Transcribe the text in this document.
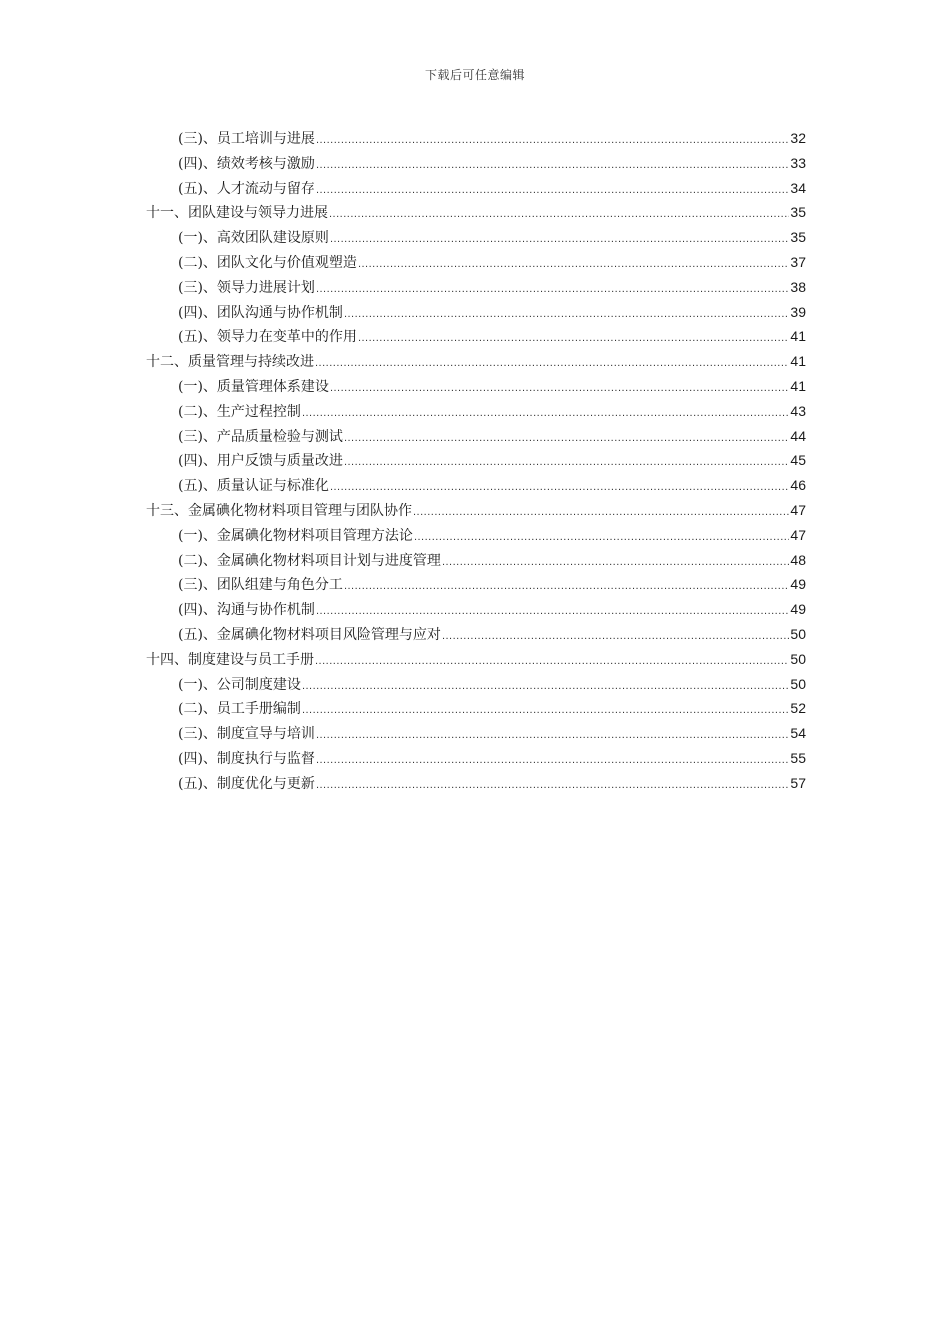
下载后可任意编辑
(三)、员工培训与进展 .....	32
(四)、绩效考核与激励 .....	33
(五)、人才流动与留存 .....	34
十一、团队建设与领导力进展 .....	35
(一)、高效团队建设原则 .....	35
(二)、团队文化与价值观塑造 .....	37
(三)、领导力进展计划 .....	38
(四)、团队沟通与协作机制 .....	39
(五)、领导力在变革中的作用 .....	41
十二、质量管理与持续改进 .....	41
(一)、质量管理体系建设 .....	41
(二)、生产过程控制 .....	43
(三)、产品质量检验与测试 .....	44
(四)、用户反馈与质量改进 .....	45
(五)、质量认证与标准化 .....	46
十三、金属碘化物材料项目管理与团队协作 .....	47
(一)、金属碘化物材料项目管理方法论 .....	47
(二)、金属碘化物材料项目计划与进度管理 .....	48
(三)、团队组建与角色分工 .....	49
(四)、沟通与协作机制 .....	49
(五)、金属碘化物材料项目风险管理与应对 .....	50
十四、制度建设与员工手册 .....	50
(一)、公司制度建设 .....	50
(二)、员工手册编制 .....	52
(三)、制度宣导与培训 .....	54
(四)、制度执行与监督 .....	55
(五)、制度优化与更新 .....	57
